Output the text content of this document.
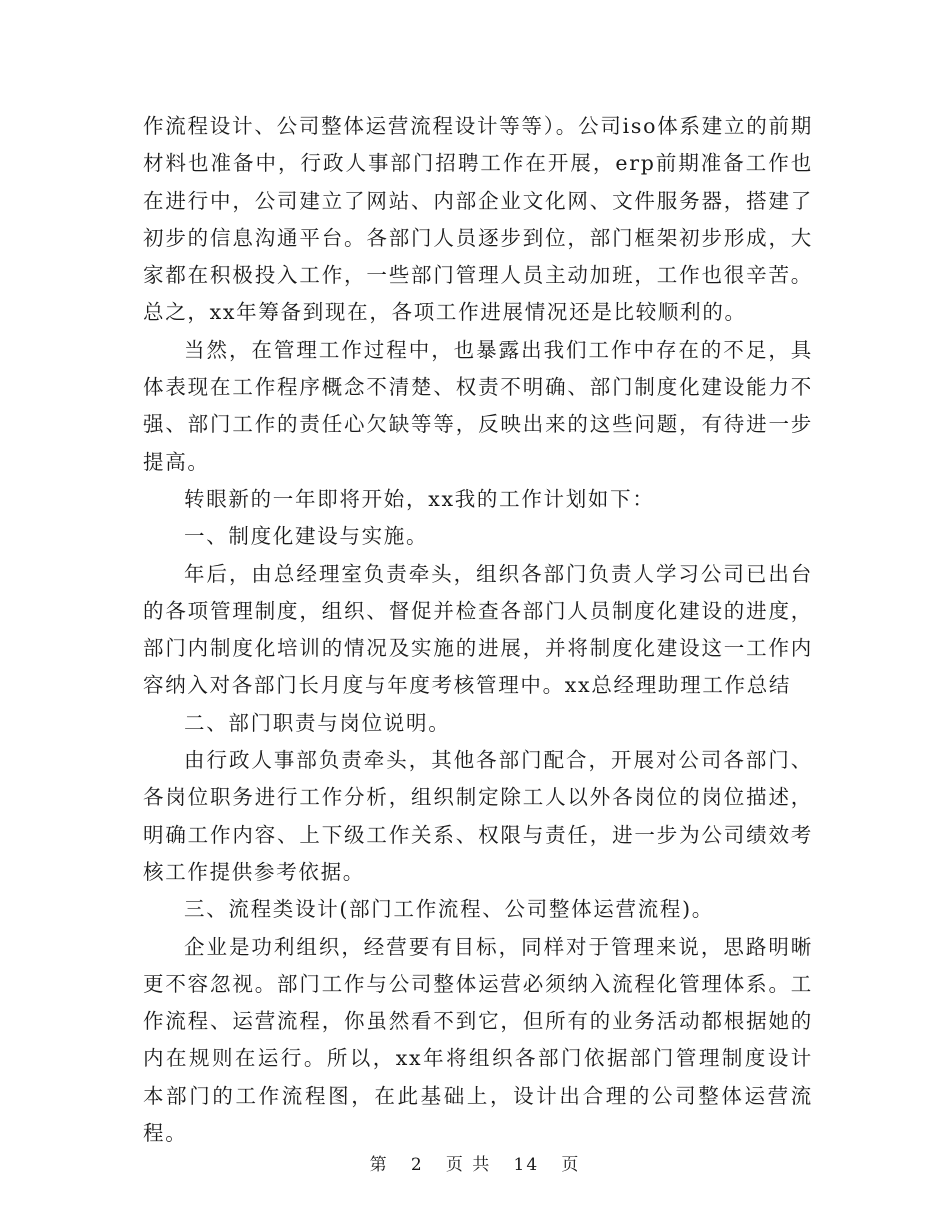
作流程设计、公司整体运营流程设计等等）。公司iso体系建立的前期材料也准备中，行政人事部门招聘工作在开展，erp前期准备工作也在进行中，公司建立了网站、内部企业文化网、文件服务器，搭建了初步的信息沟通平台。各部门人员逐步到位，部门框架初步形成，大家都在积极投入工作，一些部门管理人员主动加班，工作也很辛苦。总之，xx年筹备到现在，各项工作进展情况还是比较顺利的。

当然，在管理工作过程中，也暴露出我们工作中存在的不足，具体表现在工作程序概念不清楚、权责不明确、部门制度化建设能力不强、部门工作的责任心欠缺等等，反映出来的这些问题，有待进一步提高。

转眼新的一年即将开始，xx我的工作计划如下：

一、制度化建设与实施。

年后，由总经理室负责牵头，组织各部门负责人学习公司已出台的各项管理制度，组织、督促并检查各部门人员制度化建设的进度，部门内制度化培训的情况及实施的进展，并将制度化建设这一工作内容纳入对各部门长月度与年度考核管理中。xx总经理助理工作总结

二、部门职责与岗位说明。

由行政人事部负责牵头，其他各部门配合，开展对公司各部门、各岗位职务进行工作分析，组织制定除工人以外各岗位的岗位描述，明确工作内容、上下级工作关系、权限与责任，进一步为公司绩效考核工作提供参考依据。

三、流程类设计(部门工作流程、公司整体运营流程)。

企业是功利组织，经营要有目标，同样对于管理来说，思路明晰更不容忽视。部门工作与公司整体运营必须纳入流程化管理体系。工作流程、运营流程，你虽然看不到它，但所有的业务活动都根据她的内在规则在运行。所以，xx年将组织各部门依据部门管理制度设计本部门的工作流程图，在此基础上，设计出合理的公司整体运营流程。

第 2 页 共 14 页
